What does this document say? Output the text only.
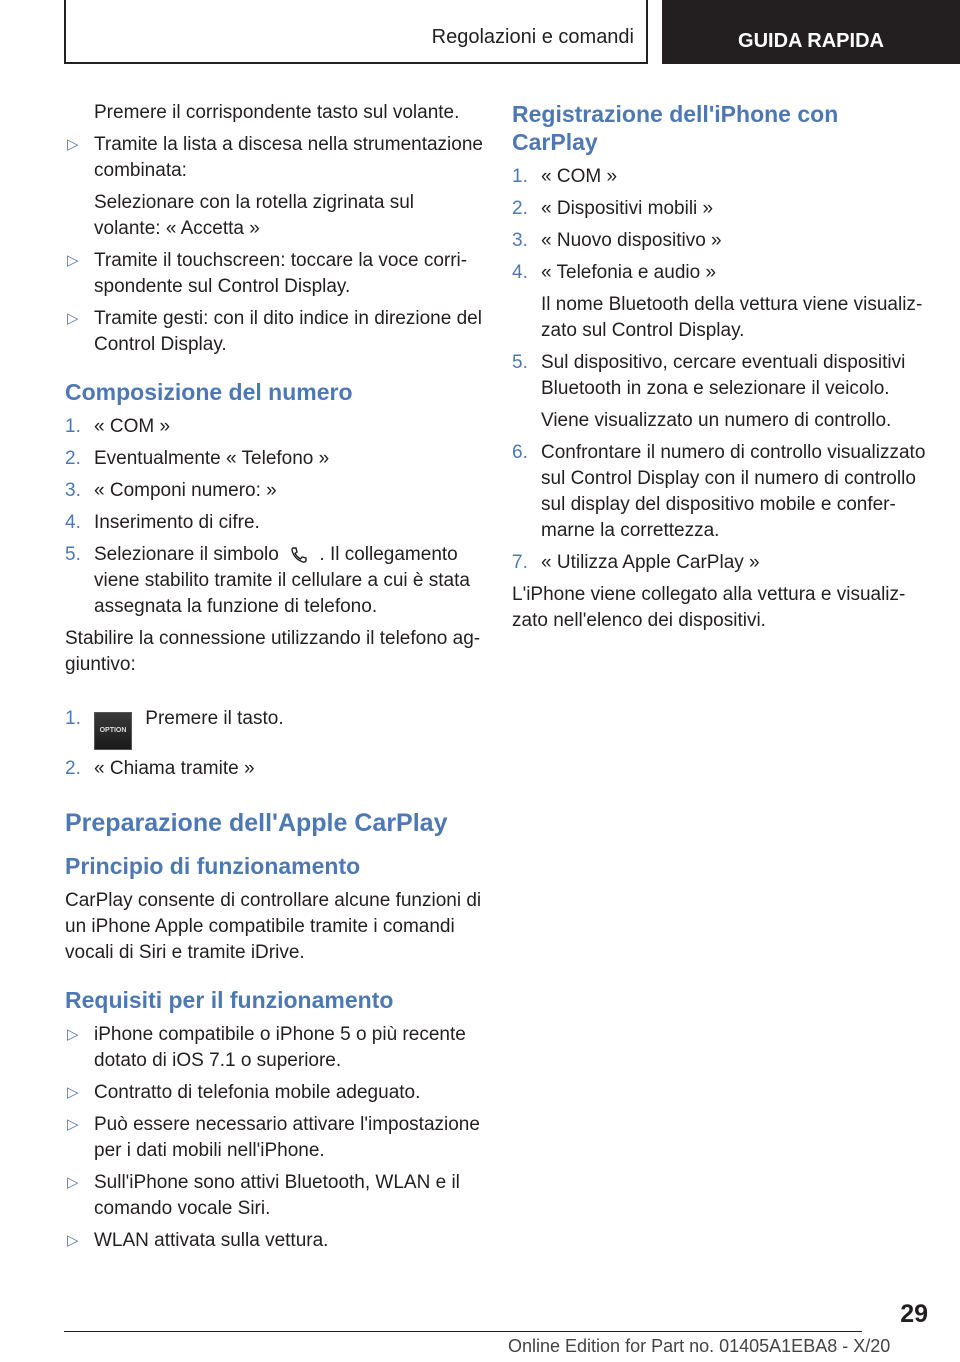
Regolazioni e comandi	GUIDA RAPIDA

Premere il corrispondente tasto sul volante.

▷ Tramite la lista a discesa nella strumentazione combinata:

Selezionare con la rotella zigrinata sul volante: « Accetta »

▷ Tramite il touchscreen: toccare la voce corrispondente sul Control Display.
▷ Tramite gesti: con il dito indice in direzione del Control Display.
Composizione del numero
1. « COM »
2. Eventualmente « Telefono »
3. « Componi numero: »
4. Inserimento di cifre.
5. Selezionare il simbolo . Il collegamento viene stabilito tramite il cellulare a cui è stata assegnata la funzione di telefono.

Stabilire la connessione utilizzando il telefono aggiuntivo:

1.
OPTION Premere il tasto.
2. « Chiama tramite »
Preparazione dell'Apple CarPlay
Principio di funzionamento

CarPlay consente di controllare alcune funzioni di un iPhone Apple compatibile tramite i comandi vocali di Siri e tramite iDrive.

Requisiti per il funzionamento
▷ iPhone compatibile o iPhone 5 o più recente dotato di iOS 7.1 o superiore.
▷ Contratto di telefonia mobile adeguato.
▷ Può essere necessario attivare l'impostazione per i dati mobili nell'iPhone.
▷ Sull'iPhone sono attivi Bluetooth, WLAN e il comando vocale Siri.
▷ WLAN attivata sulla vettura.
Registrazione dell'iPhone con CarPlay
1. « COM »
2. « Dispositivi mobili »
3. « Nuovo dispositivo »
4. « Telefonia e audio »

Il nome Bluetooth della vettura viene visualizzato sul Control Display.

5. Sul dispositivo, cercare eventuali dispositivi Bluetooth in zona e selezionare il veicolo.

Viene visualizzato un numero di controllo.

6. Confrontare il numero di controllo visualizzato sul Control Display con il numero di controllo sul display del dispositivo mobile e confermarne la correttezza.
7. « Utilizza Apple CarPlay »

L'iPhone viene collegato alla vettura e visualizzato nell'elenco dei dispositivi.

29
Online Edition for Part no. 01405A1EBA8 - X/20
